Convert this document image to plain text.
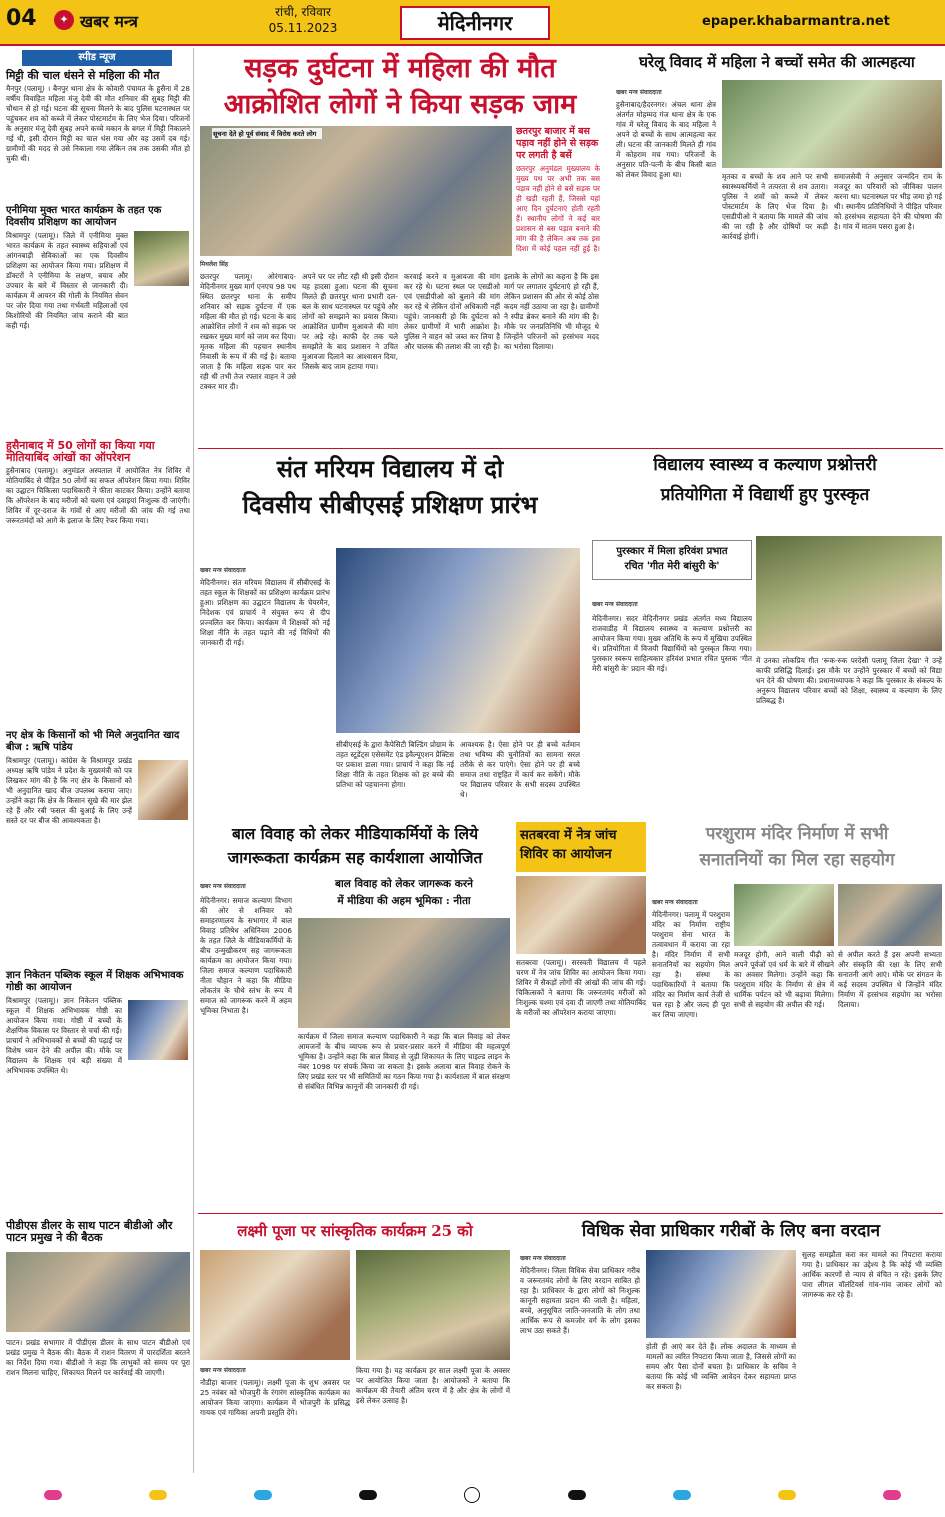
04	✦ खबर मन्त्र	रांची, रविवार
05.11.2023	मेदिनीनगर	epaper.khabarmantra.net
स्पीड न्यूज
मिट्टी की चाल धंसने से महिला की मौत
मैनपुर (पलामू) । बैनपुर थाना क्षेत्र के कोवारी पंचायत के हुसैना में 28 वर्षीय विवाहित महिला मंजू देवी की मौत शनिवार की सुबह मिट्टी की चौथान से हो गई। घटना की सूचना मिलने के बाद पुलिस घटनास्थल पर पहुंचकर शव को कब्जे में लेकर पोस्टमार्टम के लिए भेज दिया। परिजनों के अनुसार मंजू देवी सुबह अपने कच्चे मकान के बगल में मिट्टी निकालने गई थी, इसी दौरान मिट्टी का चाल धंस गया और वह उसमें दब गई। ग्रामीणों की मदद से उसे निकाला गया लेकिन तब तक उसकी मौत हो चुकी थी।
एनीमिया मुक्त भारत कार्यक्रम के तहत एक दिवसीय प्रशिक्षण का आयोजन
विश्रामपुर (पलामू)। जिले में एनीमिया मुक्त भारत कार्यक्रम के तहत स्वास्थ्य सहियाओं एवं आंगनबाड़ी सेविकाओं का एक दिवसीय प्रशिक्षण का आयोजन किया गया। प्रशिक्षण में डॉक्टरों ने एनीमिया के लक्षण, बचाव और उपचार के बारे में विस्तार से जानकारी दी। कार्यक्रम में आयरन की गोली के नियमित सेवन पर जोर दिया गया तथा गर्भवती महिलाओं एवं किशोरियों की नियमित जांच कराने की बात कही गई।
हुसैनाबाद में 50 लोगों का किया गया मोतियाबिंद आंखों का ऑपरेशन
हुसैनाबाद (पलामू)। अनुमंडल अस्पताल में आयोजित नेत्र शिविर में मोतियाबिंद से पीड़ित 50 लोगों का सफल ऑपरेशन किया गया। शिविर का उद्घाटन चिकित्सा पदाधिकारी ने फीता काटकर किया। उन्होंने बताया कि ऑपरेशन के बाद मरीजों को चश्मा एवं दवाइयां निःशुल्क दी जाएंगी। शिविर में दूर-दराज के गांवों से आए मरीजों की जांच की गई तथा जरूरतमंदों को आगे के इलाज के लिए रेफर किया गया।
नए क्षेत्र के किसानों को भी मिले अनुदानित खाद बीज : ऋषि पांडेय
विश्रामपुर (पलामू)। कांग्रेस के विश्रामपुर प्रखंड अध्यक्ष ऋषि पांडेय ने प्रदेश के मुख्यमंत्री को पत्र लिखकर मांग की है कि नए क्षेत्र के किसानों को भी अनुदानित खाद बीज उपलब्ध कराया जाए। उन्होंने कहा कि क्षेत्र के किसान सूखे की मार झेल रहे हैं और रबी फसल की बुआई के लिए उन्हें सस्ते दर पर बीज की आवश्यकता है।
ज्ञान निकेतन पब्लिक स्कूल में शिक्षक अभिभावक गोष्ठी का आयोजन
विश्रामपुर (पलामू)। ज्ञान निकेतन पब्लिक स्कूल में शिक्षक अभिभावक गोष्ठी का आयोजन किया गया। गोष्ठी में बच्चों के शैक्षणिक विकास पर विस्तार से चर्चा की गई। प्राचार्य ने अभिभावकों से बच्चों की पढ़ाई पर विशेष ध्यान देने की अपील की। मौके पर विद्यालय के शिक्षक एवं बड़ी संख्या में अभिभावक उपस्थित थे।
पीडीएस डीलर के साथ पाटन बीडीओ और पाटन प्रमुख ने की बैठक
पाटन। प्रखंड सभागार में पीडीएस डीलर के साथ पाटन बीडीओ एवं प्रखंड प्रमुख ने बैठक की। बैठक में राशन वितरण में पारदर्शिता बरतने का निर्देश दिया गया। बीडीओ ने कहा कि लाभुकों को समय पर पूरा राशन मिलना चाहिए, शिकायत मिलने पर कार्रवाई की जाएगी।
सड़क दुर्घटना में महिला की मौत
आक्रोशित लोगों ने किया सड़क जाम
सूचना देते हो पूर्व संवाद में विरोध करते लोग
मिथलेश सिंह
छतरपुर पलामू। ओरंगाबाद-मेदिनीनगर मुख्य मार्ग एनएच 98 पथ स्थित छतरपुर थाना के समीप शनिवार को सड़क दुर्घटना में एक महिला की मौत हो गई। घटना के बाद आक्रोशित लोगों ने शव को सड़क पर रखकर मुख्य मार्ग को जाम कर दिया। मृतक महिला की पहचान स्थानीय निवासी के रूप में की गई है। बताया जाता है कि महिला सड़क पार कर रही थी तभी तेज रफ्तार वाहन ने उसे टक्कर मार दी।
अपने घर पर लौट रही थी इसी दौरान यह हादसा हुआ। घटना की सूचना मिलते ही छतरपुर थाना प्रभारी दल-बल के साथ घटनास्थल पर पहुंचे और लोगों को समझाने का प्रयास किया। आक्रोशित ग्रामीण मुआवजे की मांग पर अड़े रहे। काफी देर तक चले समझौते के बाद प्रशासन ने उचित मुआवजा दिलाने का आश्वासन दिया, जिसके बाद जाम हटाया गया।
करवाई करने व मुआवजा की मांग कर रहे थे। घटना स्थल पर एसडीओ एवं एसडीपीओ को बुलाने की मांग कर रहे थे लेकिन दोनों अधिकारी नहीं पहुंचे। जानकारी हो कि दुर्घटना को लेकर ग्रामीणों में भारी आक्रोश है। पुलिस ने वाहन को जब्त कर लिया है और चालक की तलाश की जा रही है।
इलाके के लोगों का कहना है कि इस मार्ग पर लगातार दुर्घटनाएं हो रही हैं, लेकिन प्रशासन की ओर से कोई ठोस कदम नहीं उठाया जा रहा है। ग्रामीणों ने स्पीड ब्रेकर बनाने की मांग की है। मौके पर जनप्रतिनिधि भी मौजूद थे जिन्होंने परिजनों को हरसंभव मदद का भरोसा दिलाया।
छतरपुर बाजार में बस पड़ाव नहीं होने से सड़क पर लगती है बसें
छतरपुर अनुमंडल मुख्यालय के मुख्य पथ पर अभी तक बस पड़ाव नहीं होने से बसें सड़क पर ही खड़ी रहती हैं, जिससे यहां आए दिन दुर्घटनाएं होती रहती हैं। स्थानीय लोगों ने कई बार प्रशासन से बस पड़ाव बनाने की मांग की है लेकिन अब तक इस दिशा में कोई पहल नहीं हुई है।
घरेलू विवाद में महिला ने बच्चों समेत की आत्महत्या
खबर मन्त्र संवाददाता
हुसैनाबाद/हैदरनगर। अंचल थाना क्षेत्र अंतर्गत मोहम्मद गंज थाना क्षेत्र के एक गांव में घरेलू विवाद के बाद महिला ने अपने दो बच्चों के साथ आत्महत्या कर ली। घटना की जानकारी मिलते ही गांव में कोहराम मच गया। परिजनों के अनुसार पति-पत्नी के बीच किसी बात को लेकर विवाद हुआ था।	मृतका व बच्चों के शव आने पर सभी स्वास्थ्यकर्मियों ने तत्परता से शव उतारा। पुलिस ने शवों को कब्जे में लेकर पोस्टमार्टम के लिए भेज दिया है। एसडीपीओ ने बताया कि मामले की जांच की जा रही है और दोषियों पर कड़ी कार्रवाई होगी।
समाजसेवी ने अनुसार जन्मदिन राम के मजदूर का परिवारों को जीविका पालन करना था। घटनास्थल पर भीड़ जमा हो गई थी। स्थानीय प्रतिनिधियों ने पीड़ित परिवार को हरसंभव सहायता देने की घोषणा की है। गांव में मातम पसरा हुआ है।
संत मरियम विद्यालय में दो
दिवसीय सीबीएसई प्रशिक्षण प्रारंभ
खबर मन्त्र संवाददाता
मेदिनीनगर। संत मरियम विद्यालय में सीबीएसई के तहत स्कूल के शिक्षकों का प्रशिक्षण कार्यक्रम प्रारंभ हुआ। प्रशिक्षण का उद्घाटन विद्यालय के चेयरमैन, निदेशक एवं प्राचार्य ने संयुक्त रूप से दीप प्रज्वलित कर किया। कार्यक्रम में शिक्षकों को नई शिक्षा नीति के तहत पढ़ाने की नई विधियों की जानकारी दी गई।
सीबीएसई के द्वारा कैपेसिटी बिल्डिंग प्रोग्राम के तहत स्टूडेंट्स एसेसमेंट एंड इवैल्यूएशन प्रैक्टिस पर प्रकाश डाला गया। प्राचार्य ने कहा कि नई शिक्षा नीति के तहत शिक्षक को हर बच्चे की प्रतिभा को पहचानना होगा।
आवश्यक है। ऐसा होने पर ही बच्चे वर्तमान तथा भविष्य की चुनौतियों का सामना सरल तरीके से कर पाएंगे। ऐसा होने पर ही बच्चे समाज तथा राष्ट्रहित में कार्य कर सकेंगे। मौके पर विद्यालय परिवार के सभी सदस्य उपस्थित थे।
विद्यालय स्वास्थ्य व कल्याण प्रश्नोत्तरी
प्रतियोगिता में विद्यार्थी हुए पुरस्कृत
पुरस्कार में मिला हरिवंश प्रभात
रचित 'गीत मेरी बांसुरी के'
खबर मन्त्र संवाददाता
मेदिनीनगर। सदर मेदिनीनगर प्रखंड अंतर्गत मध्य विद्यालय राजवाडीह में विद्यालय स्वास्थ्य व कल्याण प्रश्नोत्तरी का आयोजन किया गया। मुख्य अतिथि के रूप में मुखिया उपस्थित थे। प्रतियोगिता में विजयी विद्यार्थियों को पुरस्कृत किया गया। पुरस्कार स्वरूप साहित्यकार हरिवंश प्रभात रचित पुस्तक 'गीत मेरी बांसुरी के' प्रदान की गई।
में उनका लोकप्रिय गीत 'रूक-रुक परदेसी पलामू जिला देखा' ने उन्हें काफी प्रसिद्धि दिलाई। इस मौके पर उन्होंने पुरस्कार में बच्चों को विद्या धन देने की घोषणा की। प्रधानाध्यापक ने कहा कि पुरस्कार के संकल्प के अनुरूप विद्यालय परिवार बच्चों को शिक्षा, स्वास्थ्य व कल्याण के लिए प्रतिबद्ध है।
बाल विवाह को लेकर मीडियाकर्मियों के लिये
जागरूकता कार्यक्रम सह कार्यशाला आयोजित
खबर मन्त्र संवाददाता	बाल विवाह को लेकर जागरूक करने
में मीडिया की अहम भूमिका : नीता
मेदिनीनगर। समाज कल्याण विभाग की ओर से शनिवार को समाहरणालय के सभागार में बाल विवाह प्रतिषेध अधिनियम 2006 के तहत जिले के मीडियाकर्मियों के बीच उन्मुखीकरण सह जागरूकता कार्यक्रम का आयोजन किया गया। जिला समाज कल्याण पदाधिकारी नीता चौहान ने कहा कि मीडिया लोकतंत्र के चौथे स्तंभ के रूप में समाज को जागरूक करने में अहम भूमिका निभाता है।
कार्यक्रम में जिला समाज कल्याण पदाधिकारी ने कहा कि बाल विवाह को लेकर आमजनों के बीच व्यापक रूप से प्रचार-प्रसार करने में मीडिया की महत्वपूर्ण भूमिका है। उन्होंने कहा कि बाल विवाह से जुड़ी शिकायत के लिए चाइल्ड लाइन के नंबर 1098 पर संपर्क किया जा सकता है। इसके अलावा बाल विवाह रोकने के लिए प्रखंड स्तर पर भी समितियों का गठन किया गया है। कार्यशाला में बाल संरक्षण से संबंधित विभिन्न कानूनों की जानकारी दी गई।
सतबरवा में नेत्र जांच
शिविर का आयोजन
सतबरवा (पलामू)। सरस्वती विद्यालय में पहले चरण में नेत्र जांच शिविर का आयोजन किया गया। शिविर में सैकड़ों लोगों की आंखों की जांच की गई। चिकित्सकों ने बताया कि जरूरतमंद मरीजों को निःशुल्क चश्मा एवं दवा दी जाएगी तथा मोतियाबिंद के मरीजों का ऑपरेशन कराया जाएगा।
परशुराम मंदिर निर्माण में सभी
सनातनियों का मिल रहा सहयोग
खबर मन्त्र संवाददाता
मेदिनीनगर। पलामू में परशुराम मंदिर का निर्माण राष्ट्रीय परशुराम सेना भारत के तत्वावधान में कराया जा रहा है। मंदिर निर्माण में सभी सनातनियों का सहयोग मिल रहा है। संस्था के पदाधिकारियों ने बताया कि मंदिर का निर्माण कार्य तेजी से चल रहा है और जल्द ही पूरा कर लिया जाएगा।
मजदूर होगी, आने वाली पीढ़ी को अपने पूर्वजों एवं धर्म के बारे में सीखने का अवसर मिलेगा। उन्होंने कहा कि परशुराम मंदिर के निर्माण से क्षेत्र में धार्मिक पर्यटन को भी बढ़ावा मिलेगा। सभी से सहयोग की अपील की गई।
से अपील करते हैं इस अपनी सभ्यता और संस्कृति की रक्षा के लिए सभी सनातनी आगे आएं। मौके पर संगठन के कई सदस्य उपस्थित थे जिन्होंने मंदिर निर्माण में हरसंभव सहयोग का भरोसा दिलाया।
लक्ष्मी पूजा पर सांस्कृतिक कार्यक्रम 25 को
खबर मन्त्र संवाददाता
नौडीहा बाजार (पलामू)। लक्ष्मी पूजा के शुभ अवसर पर 25 नवंबर को भोजपुरी के रंगारंग सांस्कृतिक कार्यक्रम का आयोजन किया जाएगा। कार्यक्रम में भोजपुरी के प्रसिद्ध गायक एवं गायिका अपनी प्रस्तुति देंगे।
किया गया है। यह कार्यक्रम हर साल लक्ष्मी पूजा के अवसर पर आयोजित किया जाता है। आयोजकों ने बताया कि कार्यक्रम की तैयारी अंतिम चरण में है और क्षेत्र के लोगों में इसे लेकर उत्साह है।
विधिक सेवा प्राधिकार गरीबों के लिए बना वरदान
खबर मन्त्र संवाददाता
मेदिनीनगर। जिला विधिक सेवा प्राधिकार गरीब व जरूरतमंद लोगों के लिए वरदान साबित हो रहा है। प्राधिकार के द्वारा लोगों को निःशुल्क कानूनी सहायता प्रदान की जाती है। महिला, बच्चे, अनुसूचित जाति-जनजाति के लोग तथा आर्थिक रूप से कमजोर वर्ग के लोग इसका लाभ उठा सकते हैं।
होती ही आएं कर देते हैं। लोक अदालत के माध्यम से मामलों का त्वरित निपटारा किया जाता है, जिससे लोगों का समय और पैसा दोनों बचता है। प्राधिकार के सचिव ने बताया कि कोई भी व्यक्ति आवेदन देकर सहायता प्राप्त कर सकता है।
सुलह समझौता करा कर मामले का निपटारा कराया गया है। प्राधिकार का उद्देश्य है कि कोई भी व्यक्ति आर्थिक कारणों से न्याय से वंचित न रहे। इसके लिए पारा लीगल वॉलंटियर्स गांव-गांव जाकर लोगों को जागरूक कर रहे हैं।
